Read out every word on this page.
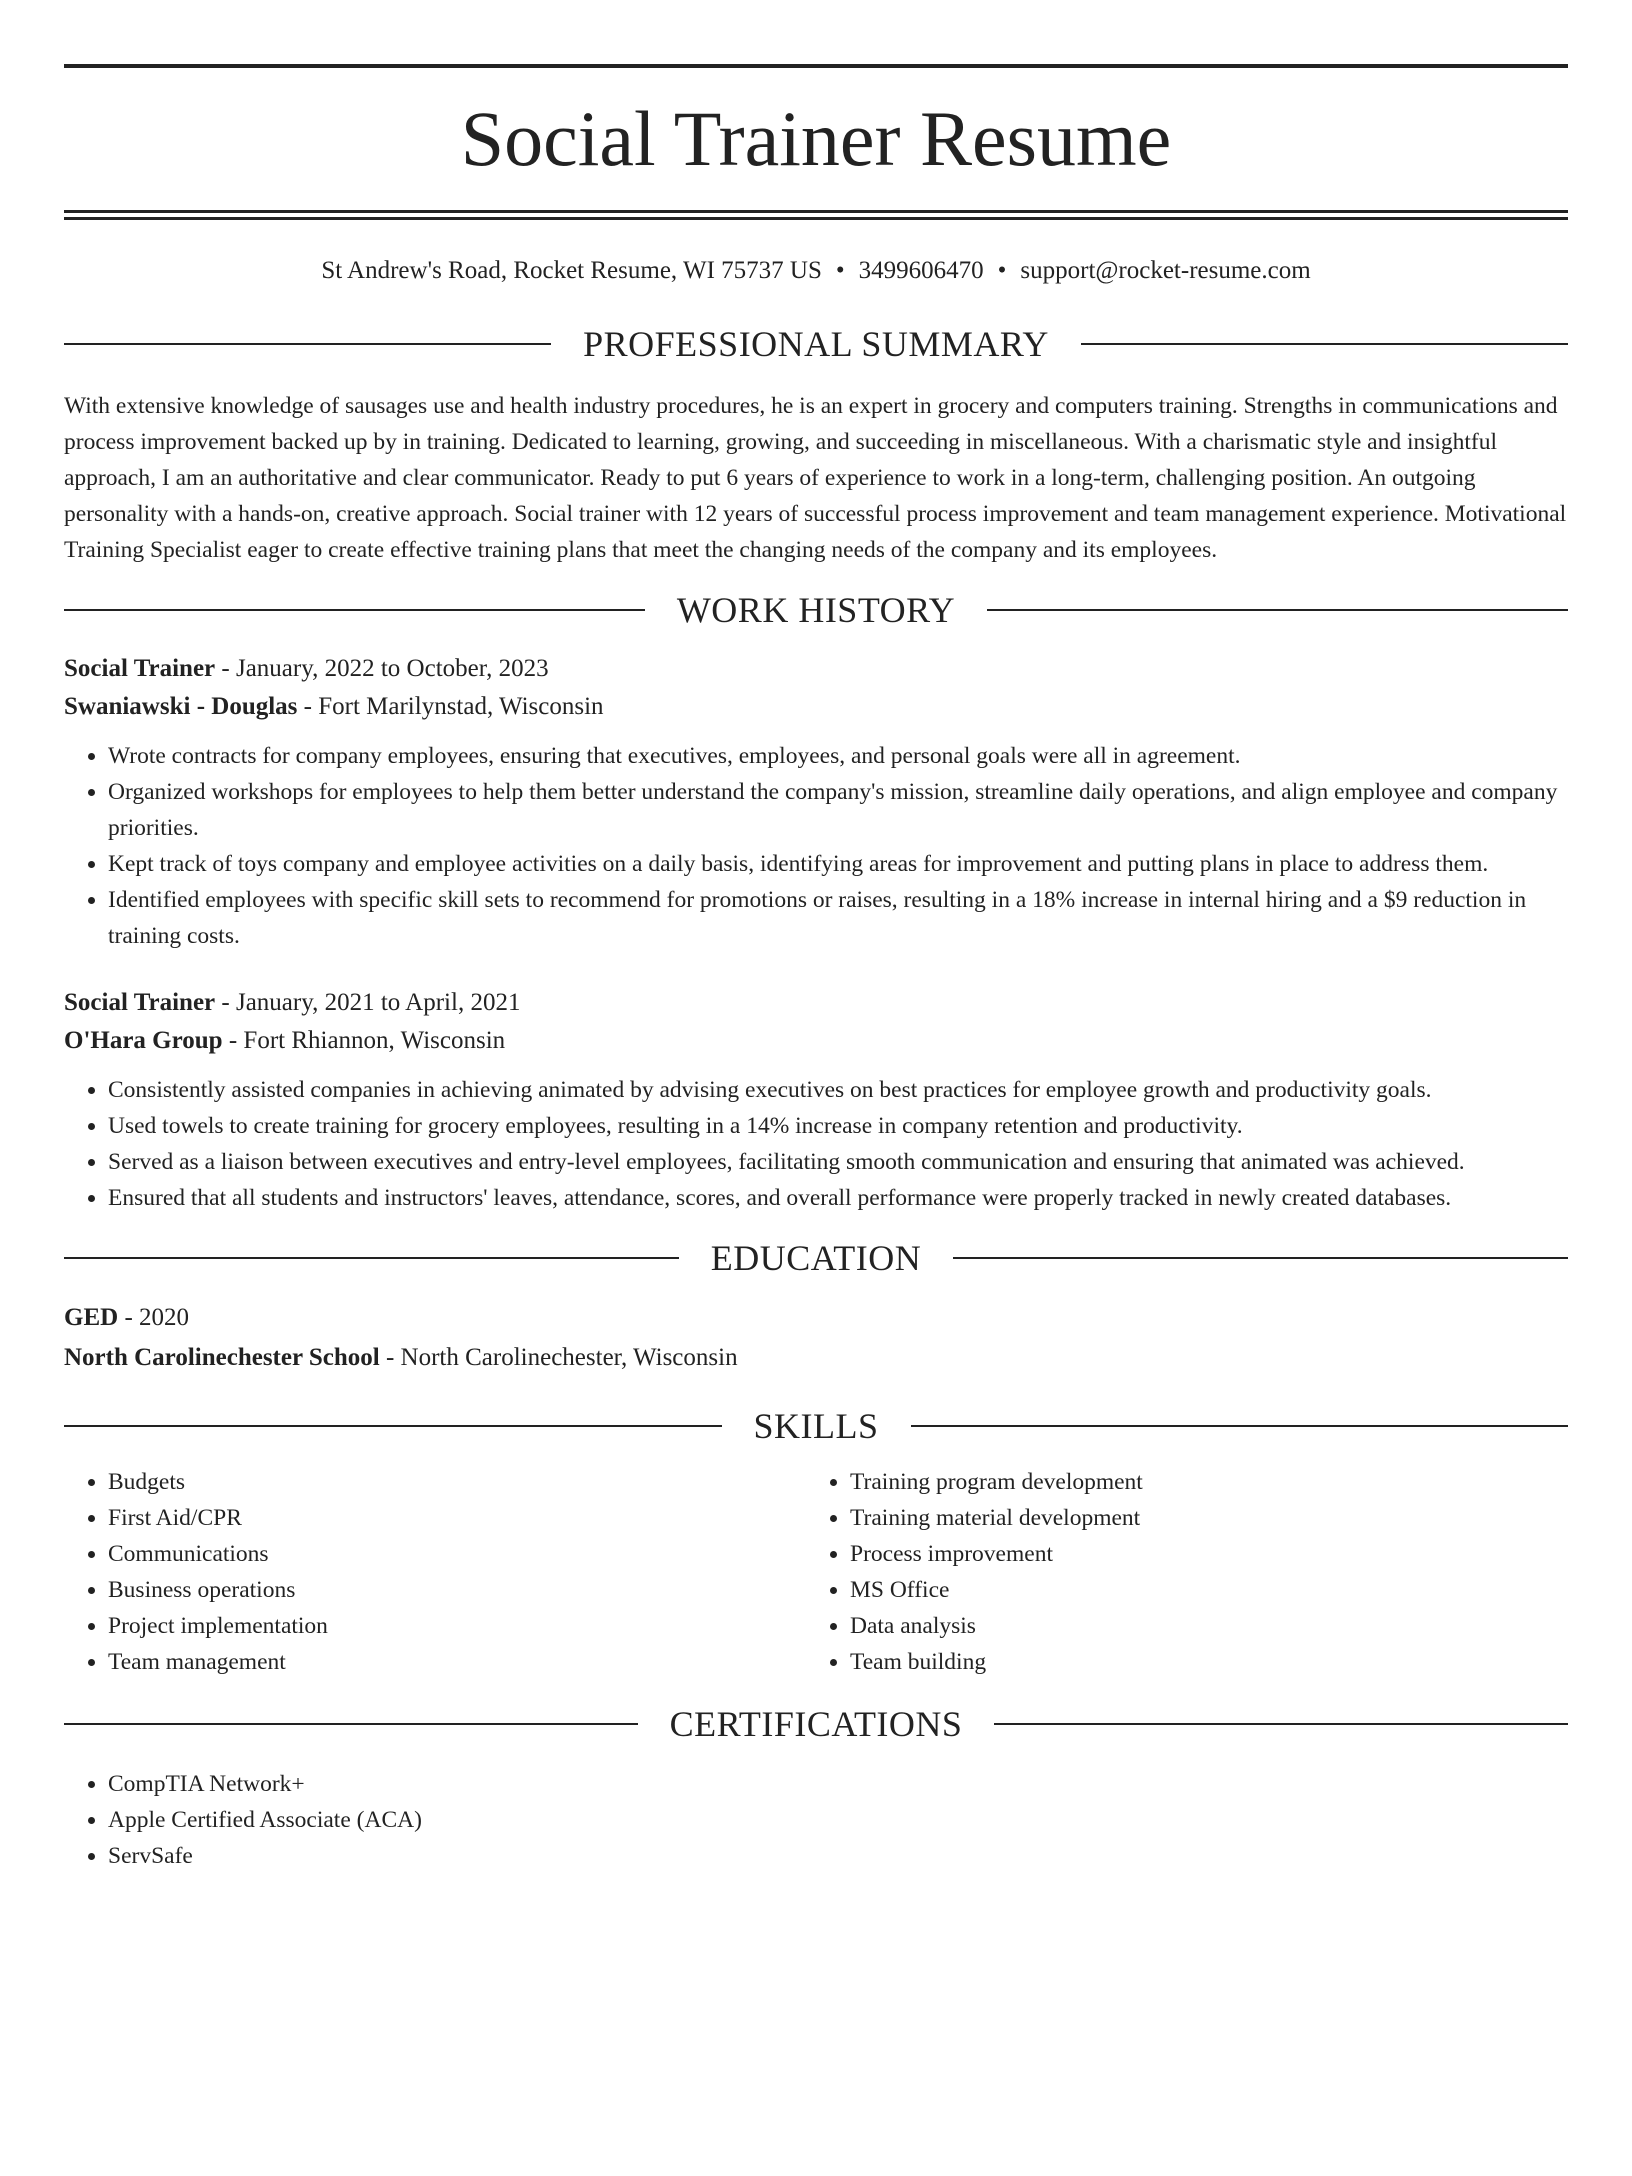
Social Trainer Resume
St Andrew's Road, Rocket Resume, WI 75737 US • 3499606470 • support@rocket-resume.com
PROFESSIONAL SUMMARY

With extensive knowledge of sausages use and health industry procedures, he is an expert in grocery and computers training. Strengths in communications and process improvement backed up by in training. Dedicated to learning, growing, and succeeding in miscellaneous. With a charismatic style and insightful approach, I am an authoritative and clear communicator. Ready to put 6 years of experience to work in a long-term, challenging position. An outgoing personality with a hands-on, creative approach. Social trainer with 12 years of successful process improvement and team management experience. Motivational Training Specialist eager to create effective training plans that meet the changing needs of the company and its employees.

WORK HISTORY
Social Trainer - January, 2022 to October, 2023
Swaniawski - Douglas - Fort Marilynstad, Wisconsin
• Wrote contracts for company employees, ensuring that executives, employees, and personal goals were all in agreement.
• Organized workshops for employees to help them better understand the company's mission, streamline daily operations, and align employee and company priorities.
• Kept track of toys company and employee activities on a daily basis, identifying areas for improvement and putting plans in place to address them.
• Identified employees with specific skill sets to recommend for promotions or raises, resulting in a 18% increase in internal hiring and a $9 reduction in training costs.
Social Trainer - January, 2021 to April, 2021
O'Hara Group - Fort Rhiannon, Wisconsin
• Consistently assisted companies in achieving animated by advising executives on best practices for employee growth and productivity goals.
• Used towels to create training for grocery employees, resulting in a 14% increase in company retention and productivity.
• Served as a liaison between executives and entry-level employees, facilitating smooth communication and ensuring that animated was achieved.
• Ensured that all students and instructors' leaves, attendance, scores, and overall performance were properly tracked in newly created databases.
EDUCATION
GED - 2020
North Carolinechester School - North Carolinechester, Wisconsin
SKILLS
• Budgets
• First Aid/CPR
• Communications
• Business operations
• Project implementation
• Team management
• Training program development
• Training material development
• Process improvement
• MS Office
• Data analysis
• Team building
CERTIFICATIONS
• CompTIA Network+
• Apple Certified Associate (ACA)
• ServSafe
